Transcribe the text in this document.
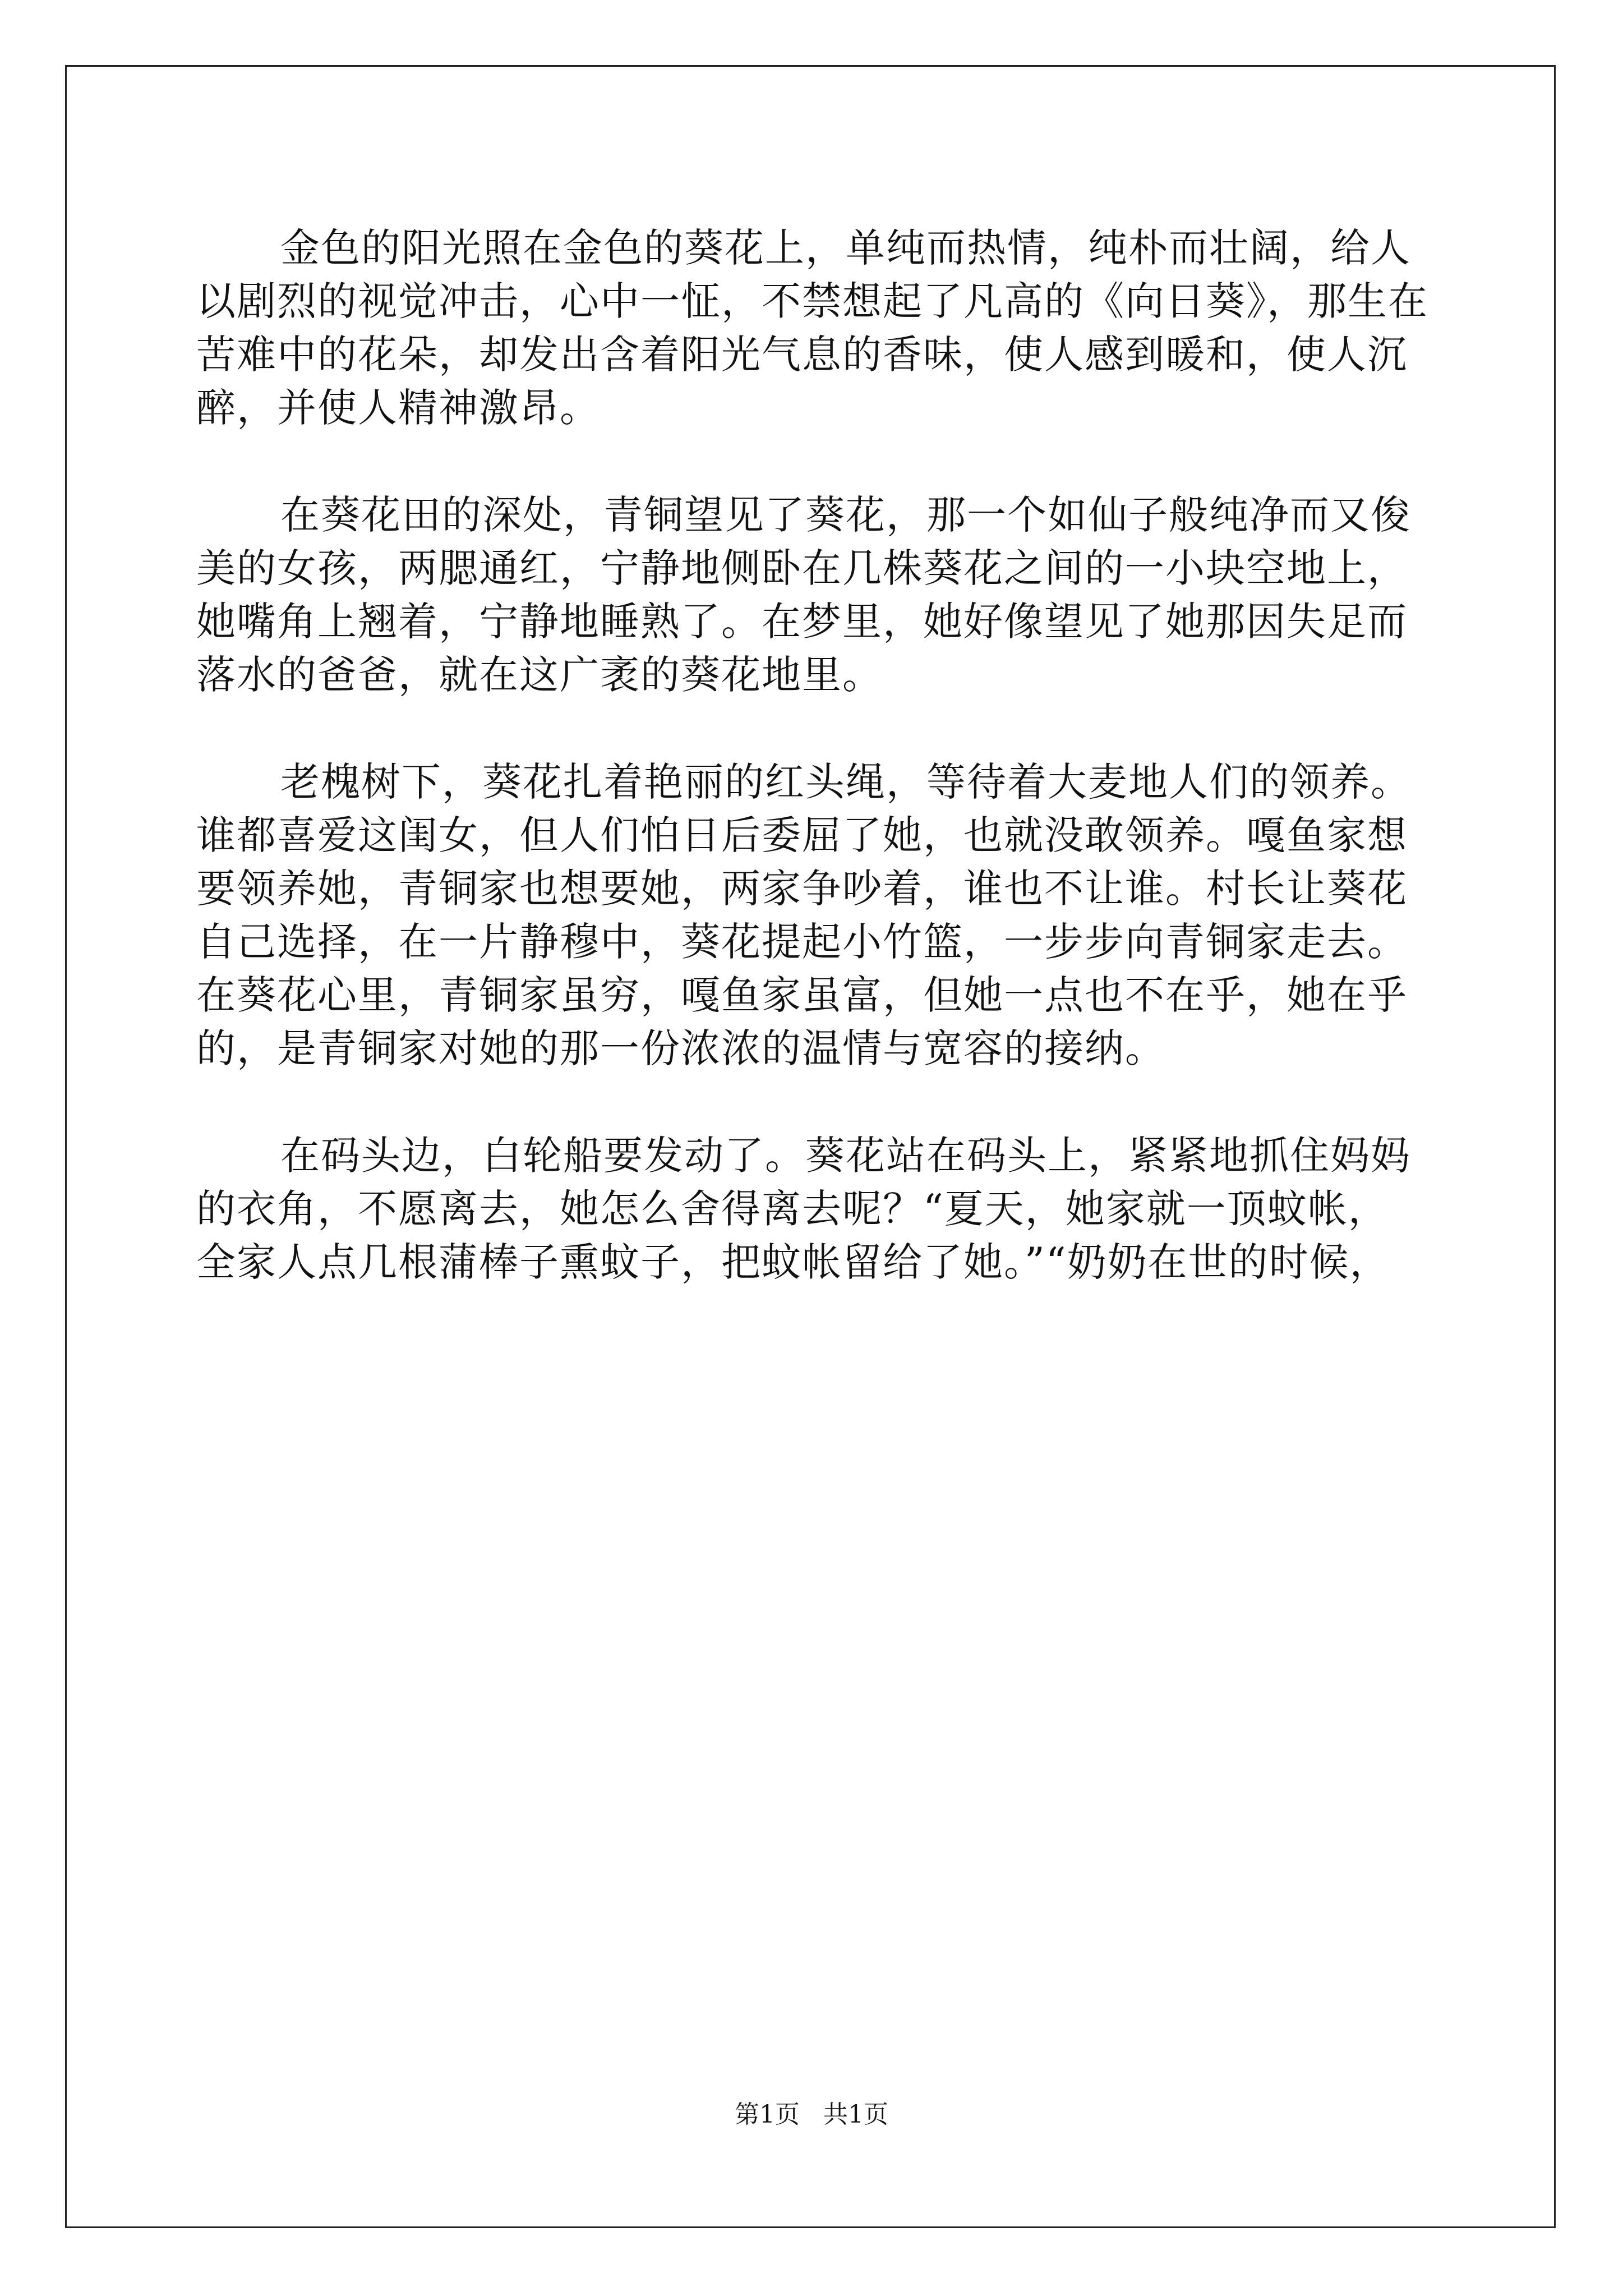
金色的阳光照在金色的葵花上，单纯而热情，纯朴而壮阔，给人
以剧烈的视觉冲击，心中一怔，不禁想起了凡高的《向日葵》，那生在
苦难中的花朵，却发出含着阳光气息的香味，使人感到暖和，使人沉
醉，并使人精神激昂。
在葵花田的深处，青铜望见了葵花，那一个如仙子般纯净而又俊
美的女孩，两腮通红，宁静地侧卧在几株葵花之间的一小块空地上，
她嘴角上翘着，宁静地睡熟了。在梦里，她好像望见了她那因失足而
落水的爸爸，就在这广袤的葵花地里。
老槐树下，葵花扎着艳丽的红头绳，等待着大麦地人们的领养。
谁都喜爱这闺女，但人们怕日后委屈了她，也就没敢领养。嘎鱼家想
要领养她，青铜家也想要她，两家争吵着，谁也不让谁。村长让葵花
自己选择，在一片静穆中，葵花提起小竹篮，一步步向青铜家走去。
在葵花心里，青铜家虽穷，嘎鱼家虽富，但她一点也不在乎，她在乎
的，是青铜家对她的那一份浓浓的温情与宽容的接纳。
在码头边，白轮船要发动了。葵花站在码头上，紧紧地抓住妈妈
的衣角，不愿离去，她怎么舍得离去呢？“夏天，她家就一顶蚊帐，
全家人点几根蒲棒子熏蚊子，把蚊帐留给了她。”“奶奶在世的时候，
第1页 共1页
